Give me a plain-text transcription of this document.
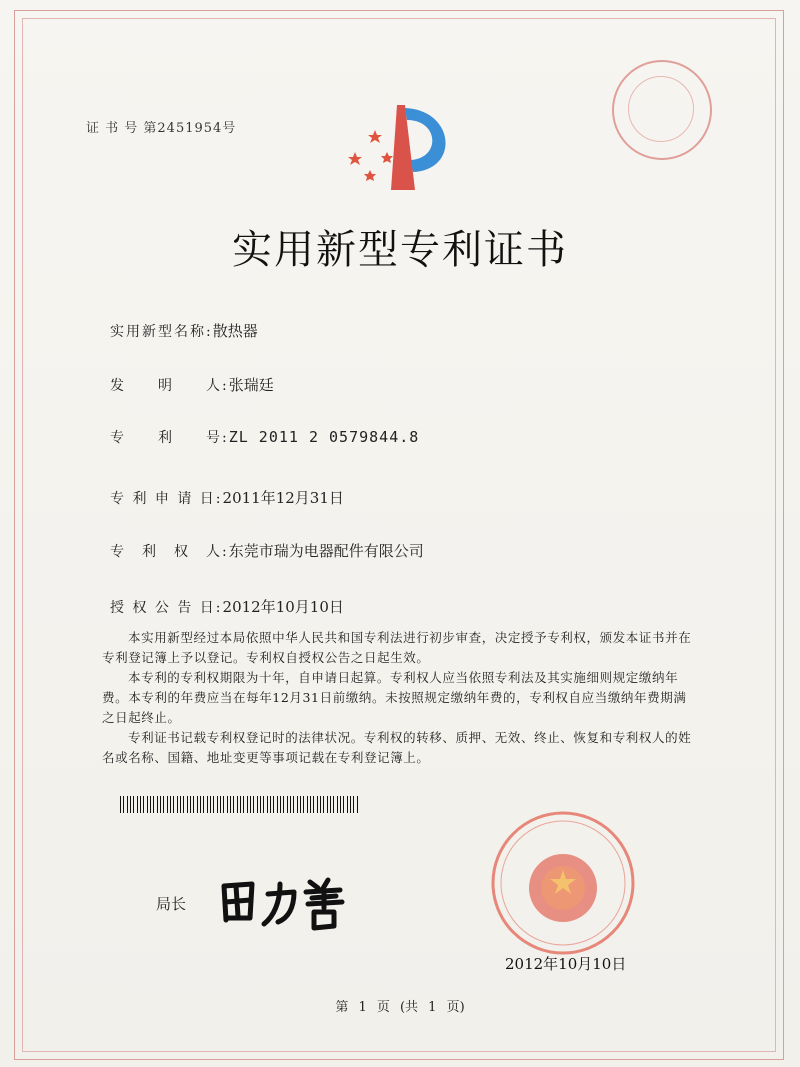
证 书 号 第2451954号
实用新型专利证书
实用新型名称:散热器
发　　明　　人:张瑞廷
专　　利　　号:ZL 2011 2 0579844.8
专 利 申 请 日:2011年12月31日
专　利　权　人:东莞市瑞为电器配件有限公司
授 权 公 告 日:2012年10月10日
本实用新型经过本局依照中华人民共和国专利法进行初步审查，决定授予专利权，颁发本证书并在专利登记簿上予以登记。专利权自授权公告之日起生效。
本专利的专利权期限为十年，自申请日起算。专利权人应当依照专利法及其实施细则规定缴纳年费。本专利的年费应当在每年12月31日前缴纳。未按照规定缴纳年费的，专利权自应当缴纳年费期满之日起终止。
专利证书记载专利权登记时的法律状况。专利权的转移、质押、无效、终止、恢复和专利权人的姓名或名称、国籍、地址变更等事项记载在专利登记簿上。
局长
2012年10月10日
第 1 页 (共 1 页)
